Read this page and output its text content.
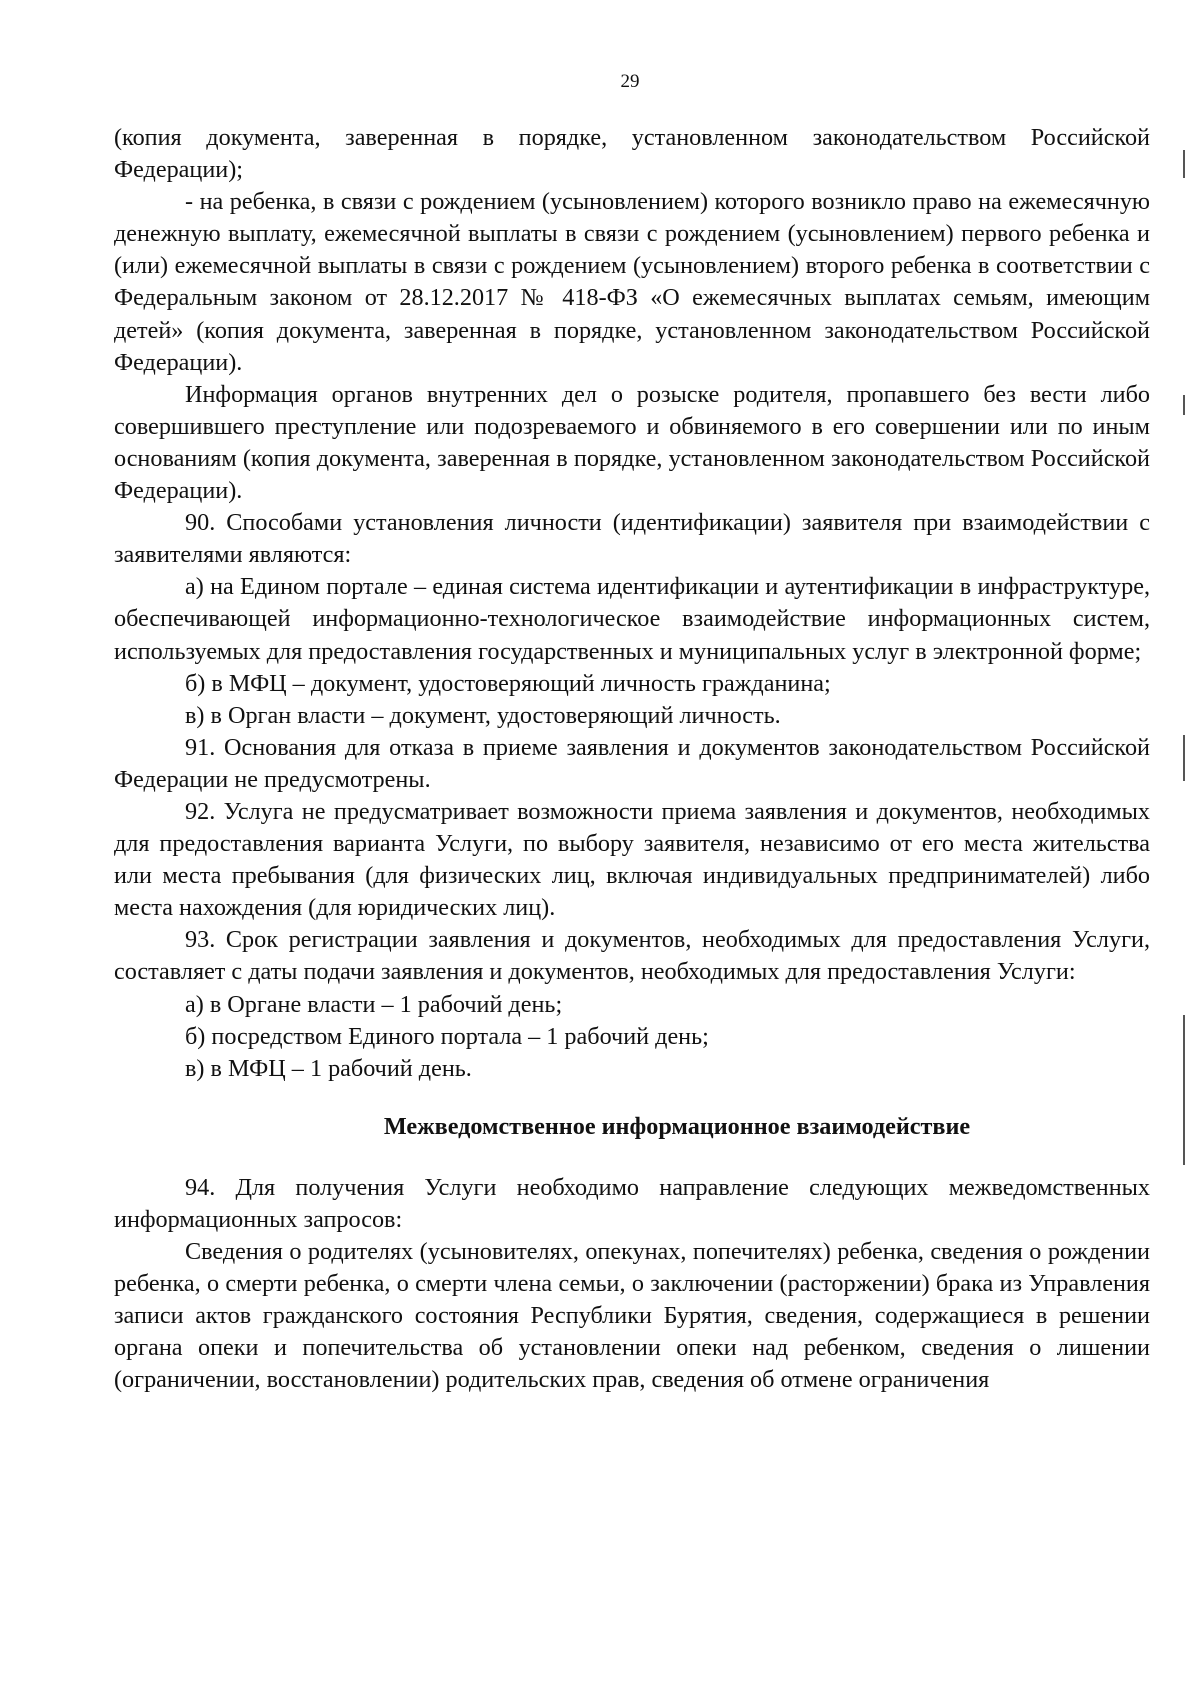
29

(копия документа, заверенная в порядке, установленном законодательством Российской Федерации);

- на ребенка, в связи с рождением (усыновлением) которого возникло право на ежемесячную денежную выплату, ежемесячной выплаты в связи с рождением (усыновлением) первого ребенка и (или) ежемесячной выплаты в связи с рождением (усыновлением) второго ребенка в соответствии с Федеральным законом от 28.12.2017 № 418-ФЗ «О ежемесячных выплатах семьям, имеющим детей» (копия документа, заверенная в порядке, установленном законодательством Российской Федерации).

Информация органов внутренних дел о розыске родителя, пропавшего без вести либо совершившего преступление или подозреваемого и обвиняемого в его совершении или по иным основаниям (копия документа, заверенная в порядке, установленном законодательством Российской Федерации).

90. Способами установления личности (идентификации) заявителя при взаимодействии с заявителями являются:

а) на Едином портале – единая система идентификации и аутентификации в инфраструктуре, обеспечивающей информационно-технологическое взаимодействие информационных систем, используемых для предоставления государственных и муниципальных услуг в электронной форме;

б) в МФЦ – документ, удостоверяющий личность гражданина;

в) в Орган власти – документ, удостоверяющий личность.

91. Основания для отказа в приеме заявления и документов законодательством Российской Федерации не предусмотрены.

92. Услуга не предусматривает возможности приема заявления и документов, необходимых для предоставления варианта Услуги, по выбору заявителя, независимо от его места жительства или места пребывания (для физических лиц, включая индивидуальных предпринимателей) либо места нахождения (для юридических лиц).

93. Срок регистрации заявления и документов, необходимых для предоставления Услуги, составляет с даты подачи заявления и документов, необходимых для предоставления Услуги:

а) в Органе власти – 1 рабочий день;

б) посредством Единого портала – 1 рабочий день;

в) в МФЦ – 1 рабочий день.

Межведомственное информационное взаимодействие

94. Для получения Услуги необходимо направление следующих межведомственных информационных запросов:

Сведения о родителях (усыновителях, опекунах, попечителях) ребенка, сведения о рождении ребенка, о смерти ребенка, о смерти члена семьи, о заключении (расторжении) брака из Управления записи актов гражданского состояния Республики Бурятия, сведения, содержащиеся в решении органа опеки и попечительства об установлении опеки над ребенком, сведения о лишении (ограничении, восстановлении) родительских прав, сведения об отмене ограничения
